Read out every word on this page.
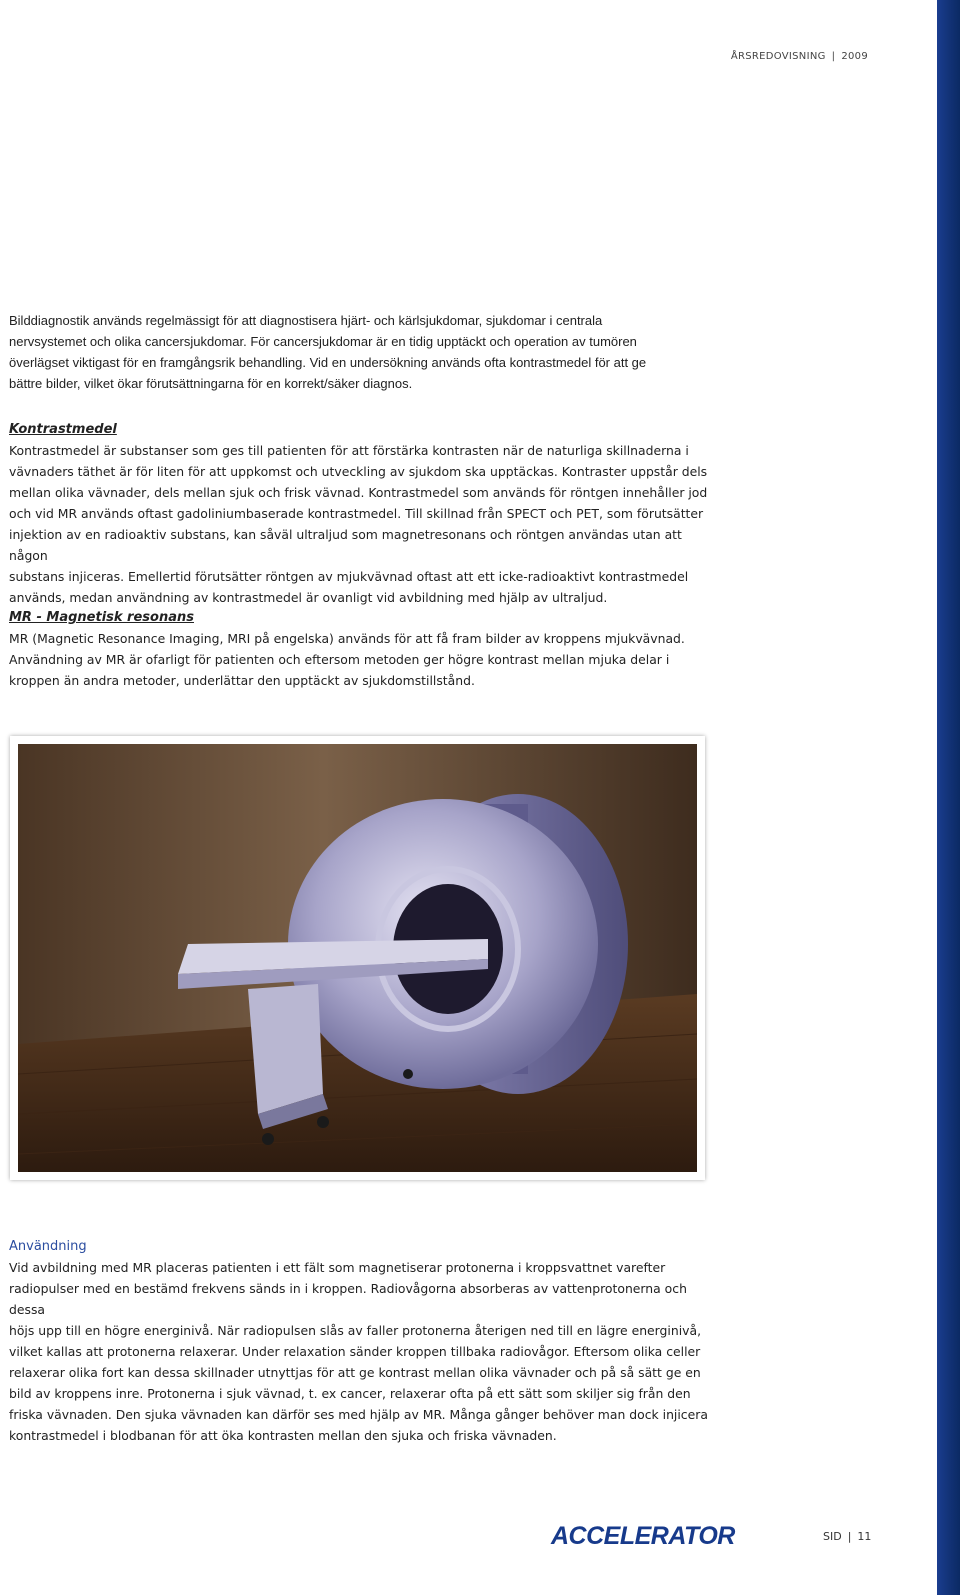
ÅRSREDOVISNING | 2009

Bilddiagnostik används regelmässigt för att diagnostisera hjärt- och kärlsjukdomar, sjukdomar i centrala

nervsystemet och olika cancersjukdomar. För cancersjukdomar är en tidig upptäckt och operation av tumören

överlägset viktigast för en framgångsrik behandling. Vid en undersökning används ofta kontrastmedel för att ge

bättre bilder, vilket ökar förutsättningarna för en korrekt/säker diagnos.

Kontrastmedel

Kontrastmedel är substanser som ges till patienten för att förstärka kontrasten när de naturliga skillnaderna i

vävnaders täthet är för liten för att uppkomst och utveckling av sjukdom ska upptäckas. Kontraster uppstår dels

mellan olika vävnader, dels mellan sjuk och frisk vävnad. Kontrastmedel som används för röntgen innehåller jod

och vid MR används oftast gadoliniumbaserade kontrastmedel. Till skillnad från SPECT och PET, som förutsätter

injektion av en radioaktiv substans, kan såväl ultraljud som magnetresonans och röntgen användas utan att någon

substans injiceras. Emellertid förutsätter röntgen av mjukvävnad oftast att ett icke-radioaktivt kontrastmedel

används, medan användning av kontrastmedel är ovanligt vid avbildning med hjälp av ultraljud.

MR - Magnetisk resonans

MR (Magnetic Resonance Imaging, MRI på engelska) används för att få fram bilder av kroppens mjukvävnad.

Användning av MR är ofarligt för patienten och eftersom metoden ger högre kontrast mellan mjuka delar i

kroppen än andra metoder, underlättar den upptäckt av sjukdomstillstånd.

Användning

Vid avbildning med MR placeras patienten i ett fält som magnetiserar protonerna i kroppsvattnet varefter

radiopulser med en bestämd frekvens sänds in i kroppen. Radiovågorna absorberas av vattenprotonerna och dessa

höjs upp till en högre energinivå. När radiopulsen slås av faller protonerna återigen ned till en lägre energinivå,

vilket kallas att protonerna relaxerar. Under relaxation sänder kroppen tillbaka radiovågor. Eftersom olika celler

relaxerar olika fort kan dessa skillnader utnyttjas för att ge kontrast mellan olika vävnader och på så sätt ge en

bild av kroppens inre. Protonerna i sjuk vävnad, t. ex cancer, relaxerar ofta på ett sätt som skiljer sig från den

friska vävnaden. Den sjuka vävnaden kan därför ses med hjälp av MR. Många gånger behöver man dock injicera

kontrastmedel i blodbanan för att öka kontrasten mellan den sjuka och friska vävnaden.

ACCELERATOR	SID | 11
